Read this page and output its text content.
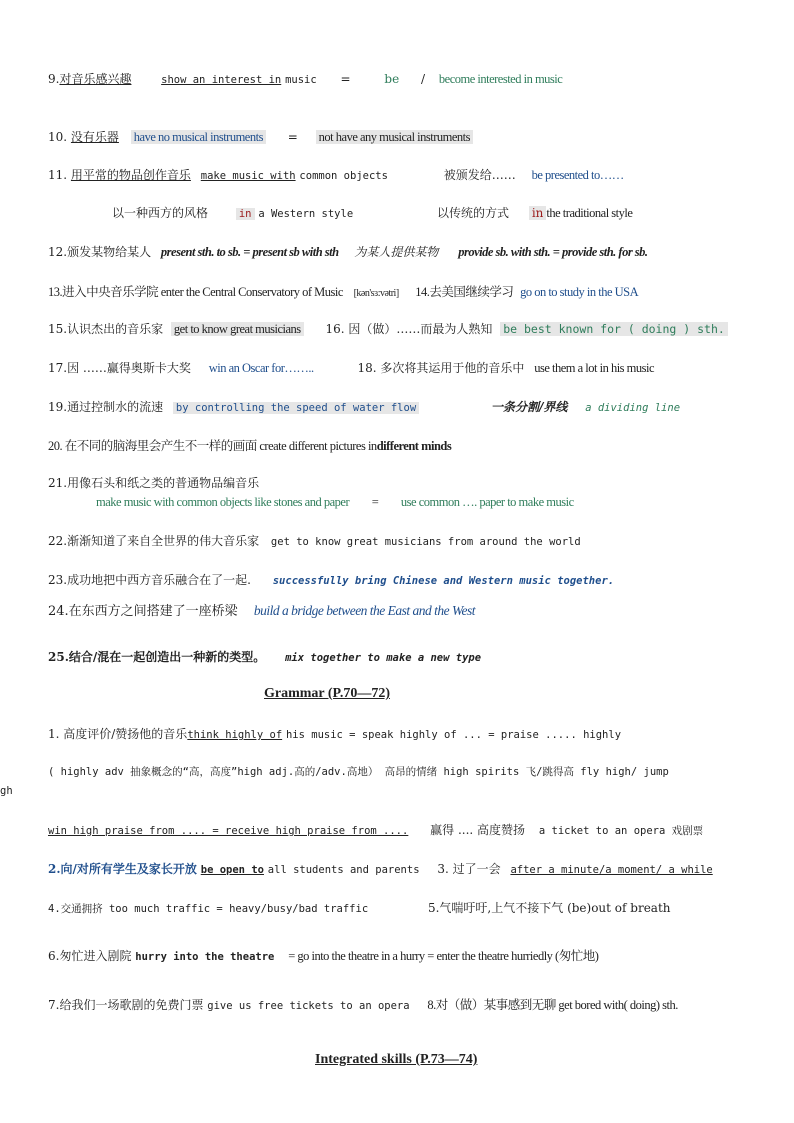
9.对音乐感兴趣	show an interest in music =	be / become interested in music
10. 没有乐器 have no musical instruments = not have any musical instruments
11. 用平常的物品创作音乐 make music with common objects	被颁发给…… be presented to……
以一种西方的风格	in a Western style	以传统的方式 in the traditional style
12.颁发某物给某人 present sth. to sb. = present sb with sth 为某人提供某物 provide sb. with sth. = provide sth. for sb.
13.进入中央音乐学院 enter the Central Conservatory of Music [kən'sɜ:vətri] 14.去美国继续学习 go on to study in the USA
15.认识杰出的音乐家 get to know great musicians 16. 因（做）……而最为人熟知 be best known for ( doing ) sth.
17.因 ……赢得奥斯卡大奖 win an Oscar for……..	18. 多次将其运用于他的音乐中 use them a lot in his music
19.通过控制水的流速 by controlling the speed of water flow	一条分割/界线 a dividing line
20. 在不同的脑海里会产生不一样的画面 create different pictures indifferent minds
21.用像石头和纸之类的普通物品编音乐
make music with common objects like stones and paper = use common …. paper to make music
22.渐渐知道了来自全世界的伟大音乐家 get to know great musicians from around the world
23.成功地把中西方音乐融合在了一起. successfully bring Chinese and Western music together.
24.在东西方之间搭建了一座桥梁 build a bridge between the East and the West
25.结合/混在一起创造出一种新的类型。 mix together to make a new type
Grammar (P.70—72)
1. 高度评价/赞扬他的音乐think highly of his music = speak highly of ... = praise ..... highly
( highly adv 抽象概念的“高，高度”high adj.高的/adv.高地） 高昂的情绪 high spirits 飞/跳得高 fly high/ jump
gh
win high praise from .... = receive high praise from .... 赢得 .... 高度赞扬 a ticket to an opera 戏剧票
2.向/对所有学生及家长开放 be open to all students and parents 3. 过了一会 after a minute/a moment/ a while
4.交通拥挤 too much traffic = heavy/busy/bad traffic	5.气喘吁吁,上气不接下气 (be)out of breath
6.匆忙进入剧院 hurry into the theatre = go into the theatre in a hurry = enter the theatre hurriedly (匆忙地)
7.给我们一场歌剧的免费门票 give us free tickets to an opera 8.对（做）某事感到无聊 get bored with( doing) sth.
Integrated skills (P.73—74)
